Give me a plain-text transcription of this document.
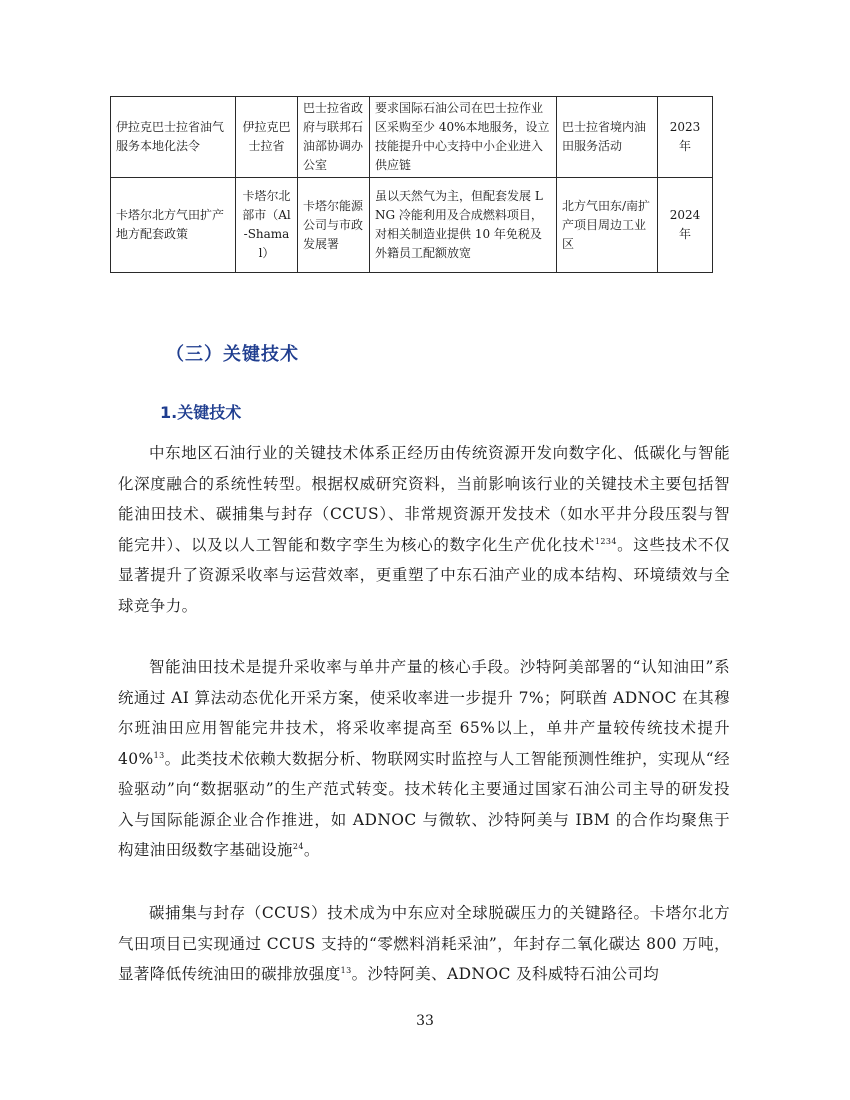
伊拉克巴士拉省油气服务本地化法令	伊拉克巴士拉省	巴士拉省政府与联邦石油部协调办公室	要求国际石油公司在巴士拉作业区采购至少 40%本地服务，设立技能提升中心支持中小企业进入供应链	巴士拉省境内油田服务活动	2023 年
卡塔尔北方气田扩产地方配套政策	卡塔尔北部市（Al-Shamal）	卡塔尔能源公司与市政发展署	虽以天然气为主，但配套发展 LNG 冷能利用及合成燃料项目，对相关制造业提供 10 年免税及外籍员工配额放宽	北方气田东/南扩产项目周边工业区	2024 年
（三）关键技术
1.关键技术

中东地区石油行业的关键技术体系正经历由传统资源开发向数字化、低碳化与智能化深度融合的系统性转型。根据权威研究资料，当前影响该行业的关键技术主要包括智能油田技术、碳捕集与封存（CCUS）、非常规资源开发技术（如水平井分段压裂与智能完井）、以及以人工智能和数字孪生为核心的数字化生产优化技术$^{1234}$。这些技术不仅显著提升了资源采收率与运营效率，更重塑了中东石油产业的成本结构、环境绩效与全球竞争力。

智能油田技术是提升采收率与单井产量的核心手段。沙特阿美部署的“认知油田”系统通过 AI 算法动态优化开采方案，使采收率进一步提升 7%；阿联酋 ADNOC 在其穆尔班油田应用智能完井技术，将采收率提高至 65%以上，单井产量较传统技术提升 40%$^{13}$。此类技术依赖大数据分析、物联网实时监控与人工智能预测性维护，实现从“经验驱动”向“数据驱动”的生产范式转变。技术转化主要通过国家石油公司主导的研发投入与国际能源企业合作推进，如 ADNOC 与微软、沙特阿美与 IBM 的合作均聚焦于构建油田级数字基础设施$^{24}$。

碳捕集与封存（CCUS）技术成为中东应对全球脱碳压力的关键路径。卡塔尔北方气田项目已实现通过 CCUS 支持的“零燃料消耗采油”，年封存二氧化碳达 800 万吨，显著降低传统油田的碳排放强度$^{13}$。沙特阿美、ADNOC 及科威特石油公司均

33
